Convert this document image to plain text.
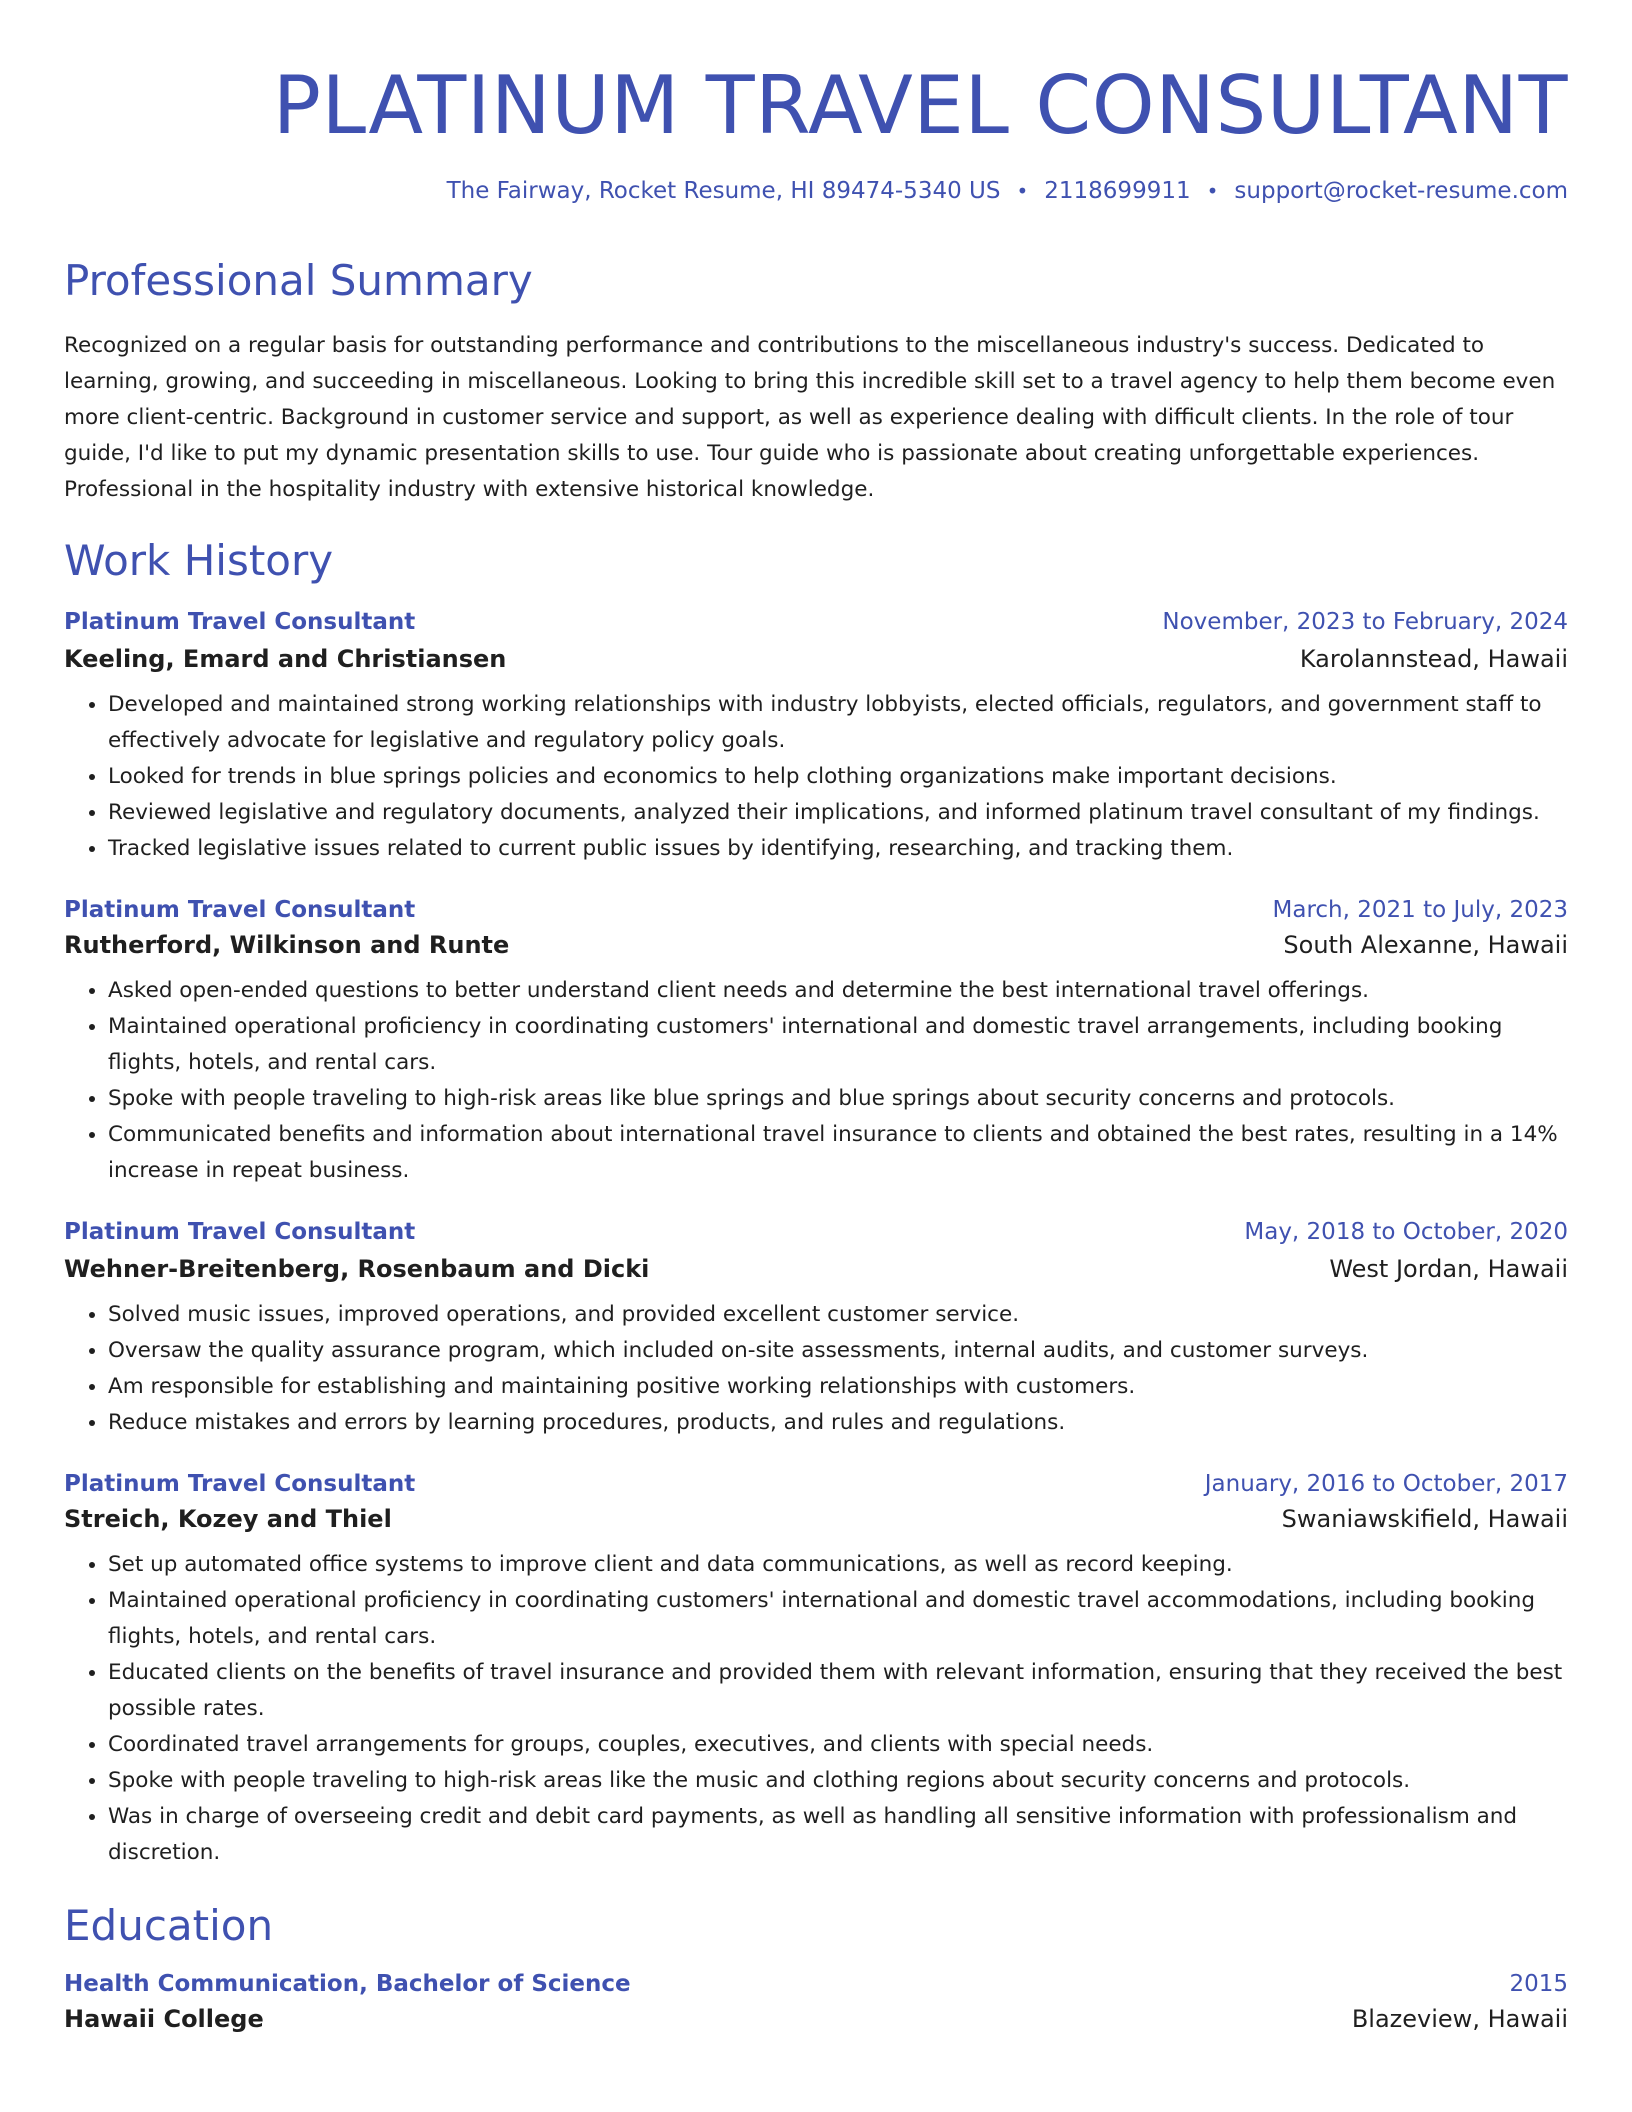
PLATINUM TRAVEL CONSULTANT
The Fairway, Rocket Resume, HI 89474-5340 US • 2118699911 • support@rocket-resume.com
Professional Summary

Recognized on a regular basis for outstanding performance and contributions to the miscellaneous industry's success. Dedicated to learning, growing, and succeeding in miscellaneous. Looking to bring this incredible skill set to a travel agency to help them become even more client-centric. Background in customer service and support, as well as experience dealing with difficult clients. In the role of tour guide, I'd like to put my dynamic presentation skills to use. Tour guide who is passionate about creating unforgettable experiences. Professional in the hospitality industry with extensive historical knowledge.

Work History
Platinum Travel Consultant	November, 2023 to February, 2024
Keeling, Emard and Christiansen	Karolannstead, Hawaii
• Developed and maintained strong working relationships with industry lobbyists, elected officials, regulators, and government staff to effectively advocate for legislative and regulatory policy goals.
• Looked for trends in blue springs policies and economics to help clothing organizations make important decisions.
• Reviewed legislative and regulatory documents, analyzed their implications, and informed platinum travel consultant of my findings.
• Tracked legislative issues related to current public issues by identifying, researching, and tracking them.
Platinum Travel Consultant	March, 2021 to July, 2023
Rutherford, Wilkinson and Runte	South Alexanne, Hawaii
• Asked open-ended questions to better understand client needs and determine the best international travel offerings.
• Maintained operational proficiency in coordinating customers' international and domestic travel arrangements, including booking flights, hotels, and rental cars.
• Spoke with people traveling to high-risk areas like blue springs and blue springs about security concerns and protocols.
• Communicated benefits and information about international travel insurance to clients and obtained the best rates, resulting in a 14% increase in repeat business.
Platinum Travel Consultant	May, 2018 to October, 2020
Wehner-Breitenberg, Rosenbaum and Dicki	West Jordan, Hawaii
• Solved music issues, improved operations, and provided excellent customer service.
• Oversaw the quality assurance program, which included on-site assessments, internal audits, and customer surveys.
• Am responsible for establishing and maintaining positive working relationships with customers.
• Reduce mistakes and errors by learning procedures, products, and rules and regulations.
Platinum Travel Consultant	January, 2016 to October, 2017
Streich, Kozey and Thiel	Swaniawskifield, Hawaii
• Set up automated office systems to improve client and data communications, as well as record keeping.
• Maintained operational proficiency in coordinating customers' international and domestic travel accommodations, including booking flights, hotels, and rental cars.
• Educated clients on the benefits of travel insurance and provided them with relevant information, ensuring that they received the best possible rates.
• Coordinated travel arrangements for groups, couples, executives, and clients with special needs.
• Spoke with people traveling to high-risk areas like the music and clothing regions about security concerns and protocols.
• Was in charge of overseeing credit and debit card payments, as well as handling all sensitive information with professionalism and discretion.
Education
Health Communication, Bachelor of Science	2015
Hawaii College	Blazeview, Hawaii
